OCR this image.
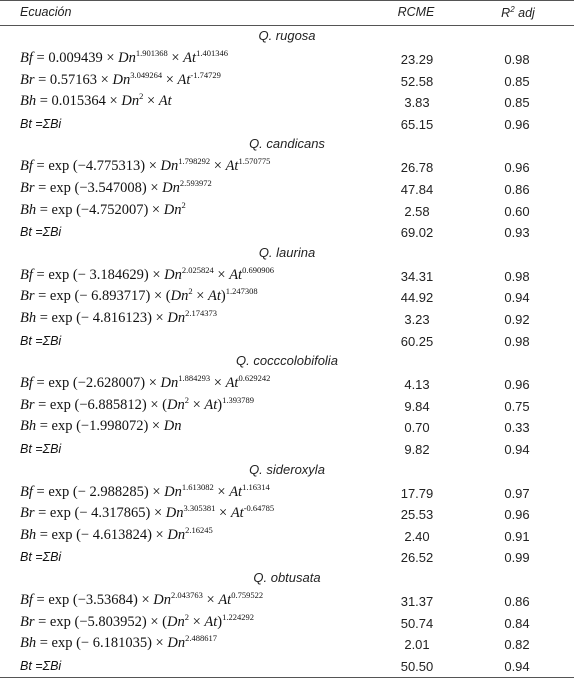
Ecuación	RCME	$R^2$ adj
Q. rugosa
$Bf = 0.009439 \times Dn^{1.901368} \times At^{1.401346}$	23.29	0.98
$Br = 0.57163 \times Dn^{3.049264} \times At^{-1.74729}$	52.58	0.85
$Bh = 0.015364 \times Dn^2 \times At$	3.83	0.85
Bt =ΣBi	65.15	0.96
Q. candicans
$Bf = \exp (-4.775313) \times Dn^{1.798292} \times At^{1.570775}$	26.78	0.96
$Br = \exp (-3.547008) \times Dn^{2.593972}$	47.84	0.86
$Bh = \exp (-4.752007) \times Dn^2$	2.58	0.60
Bt =ΣBi	69.02	0.93
Q. laurina
Bf = exp (− $3.184629) \times Dn^{2.025824} \times At^{0.690906}$	34.31	0.98
Br = exp (− $6.893717) \times (Dn^2 \times At)^{1.247308}$	44.92	0.94
Bh = exp (− $4.816123) \times Dn^{2.174373}$	3.23	0.92
Bt =ΣBi	60.25	0.98
Q. cocccolobifolia
$Bf = \exp (-2.628007) \times Dn^{1.884293} \times At^{0.629242}$	4.13	0.96
$Br = \exp (-6.885812) \times (Dn^2 \times At)^{1.393789}$	9.84	0.75
Bh = exp (−1.998072) × Dn	0.70	0.33
Bt =ΣBi	9.82	0.94
Q. sideroxyla
Bf = exp (− $2.988285) \times Dn^{1.613082} \times At^{1.16314}$	17.79	0.97
Br = exp (− $4.317865) \times Dn^{3.305381} \times At^{-0.64785}$	25.53	0.96
Bh = exp (− $4.613824) \times Dn^{2.16245}$	2.40	0.91
Bt =ΣBi	26.52	0.99
Q. obtusata
$Bf = \exp (-3.53684) \times Dn^{2.043763} \times At^{0.759522}$	31.37	0.86
$Br = \exp (-5.803952) \times (Dn^2 \times At)^{1.224292}$	50.74	0.84
Bh = exp (− $6.181035) \times Dn^{2.488617}$	2.01	0.82
Bt =ΣBi	50.50	0.94
